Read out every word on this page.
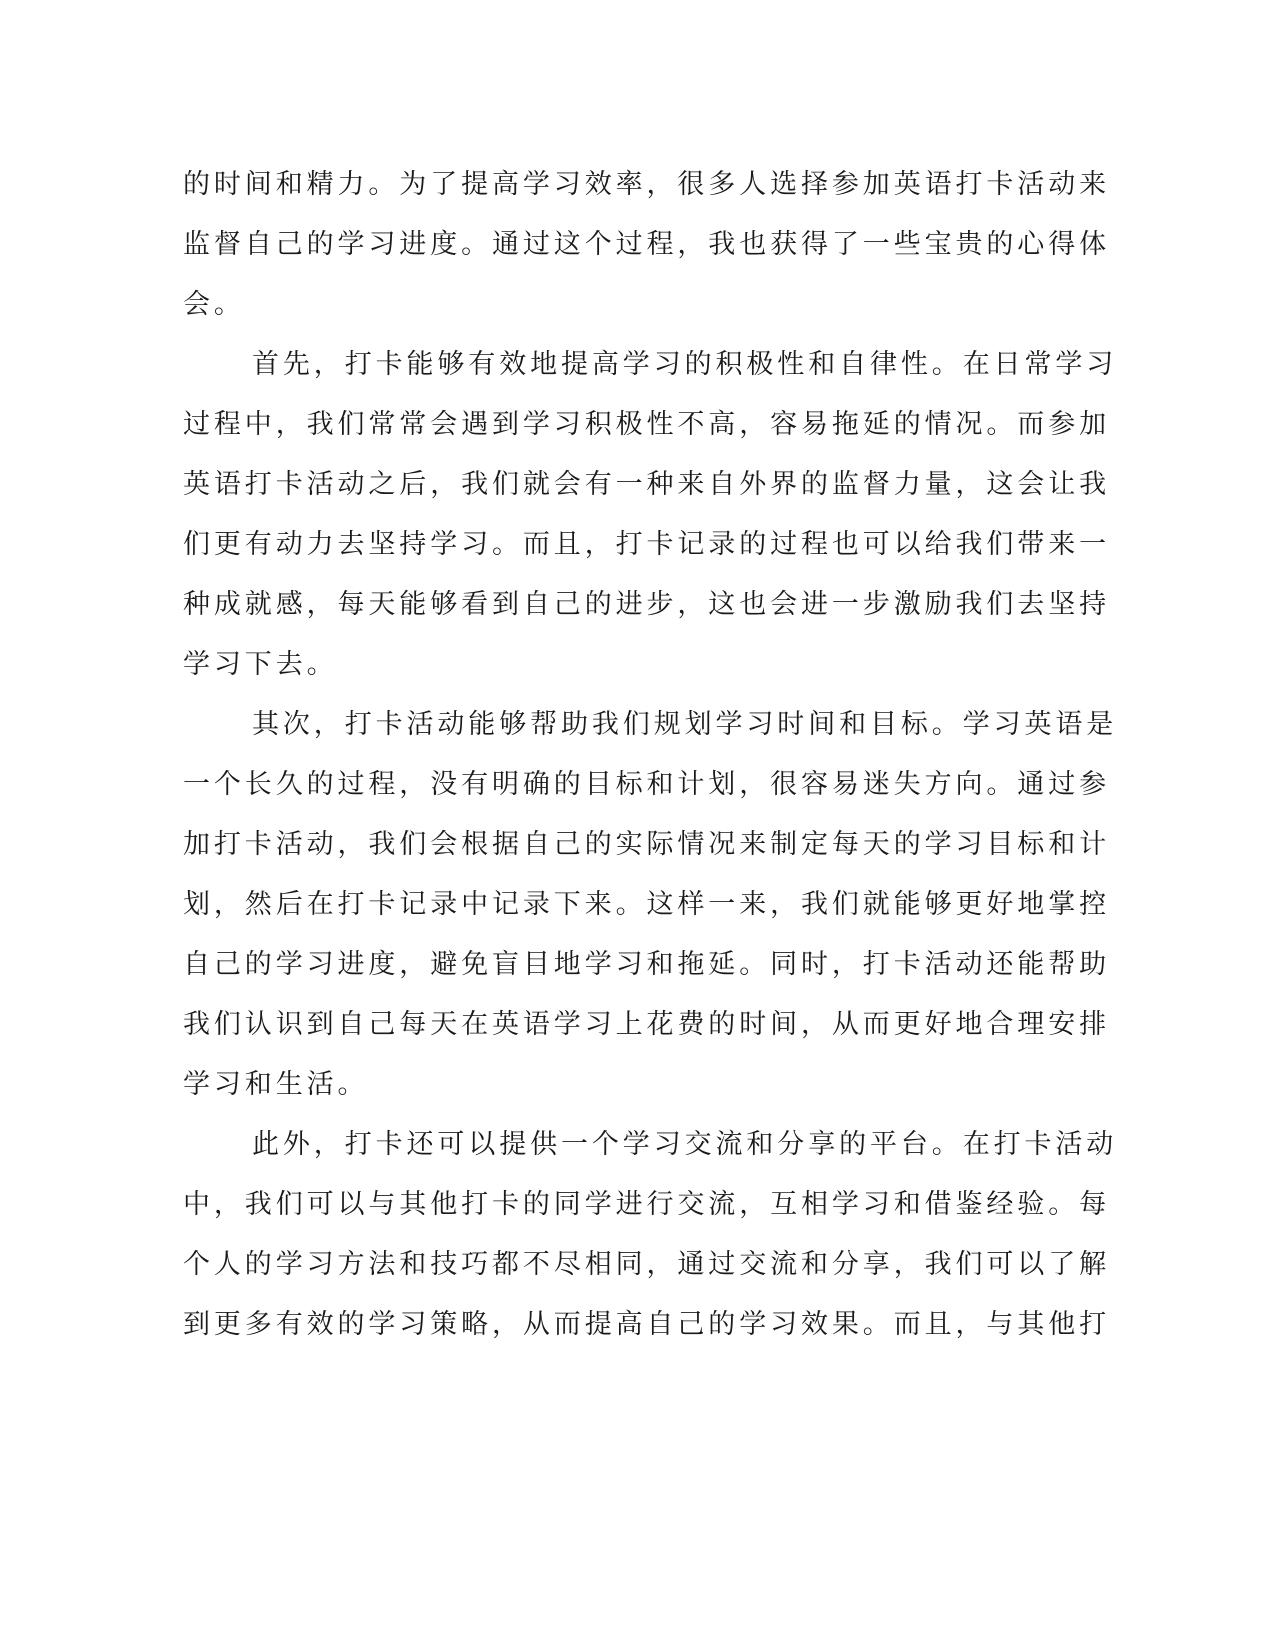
的时间和精力。为了提高学习效率，很多人选择参加英语打卡活动来
监督自己的学习进度。通过这个过程，我也获得了一些宝贵的心得体
会。
首先，打卡能够有效地提高学习的积极性和自律性。在日常学习
过程中，我们常常会遇到学习积极性不高，容易拖延的情况。而参加
英语打卡活动之后，我们就会有一种来自外界的监督力量，这会让我
们更有动力去坚持学习。而且，打卡记录的过程也可以给我们带来一
种成就感，每天能够看到自己的进步，这也会进一步激励我们去坚持
学习下去。
其次，打卡活动能够帮助我们规划学习时间和目标。学习英语是
一个长久的过程，没有明确的目标和计划，很容易迷失方向。通过参
加打卡活动，我们会根据自己的实际情况来制定每天的学习目标和计
划，然后在打卡记录中记录下来。这样一来，我们就能够更好地掌控
自己的学习进度，避免盲目地学习和拖延。同时，打卡活动还能帮助
我们认识到自己每天在英语学习上花费的时间，从而更好地合理安排
学习和生活。
此外，打卡还可以提供一个学习交流和分享的平台。在打卡活动
中，我们可以与其他打卡的同学进行交流，互相学习和借鉴经验。每
个人的学习方法和技巧都不尽相同，通过交流和分享，我们可以了解
到更多有效的学习策略，从而提高自己的学习效果。而且，与其他打
